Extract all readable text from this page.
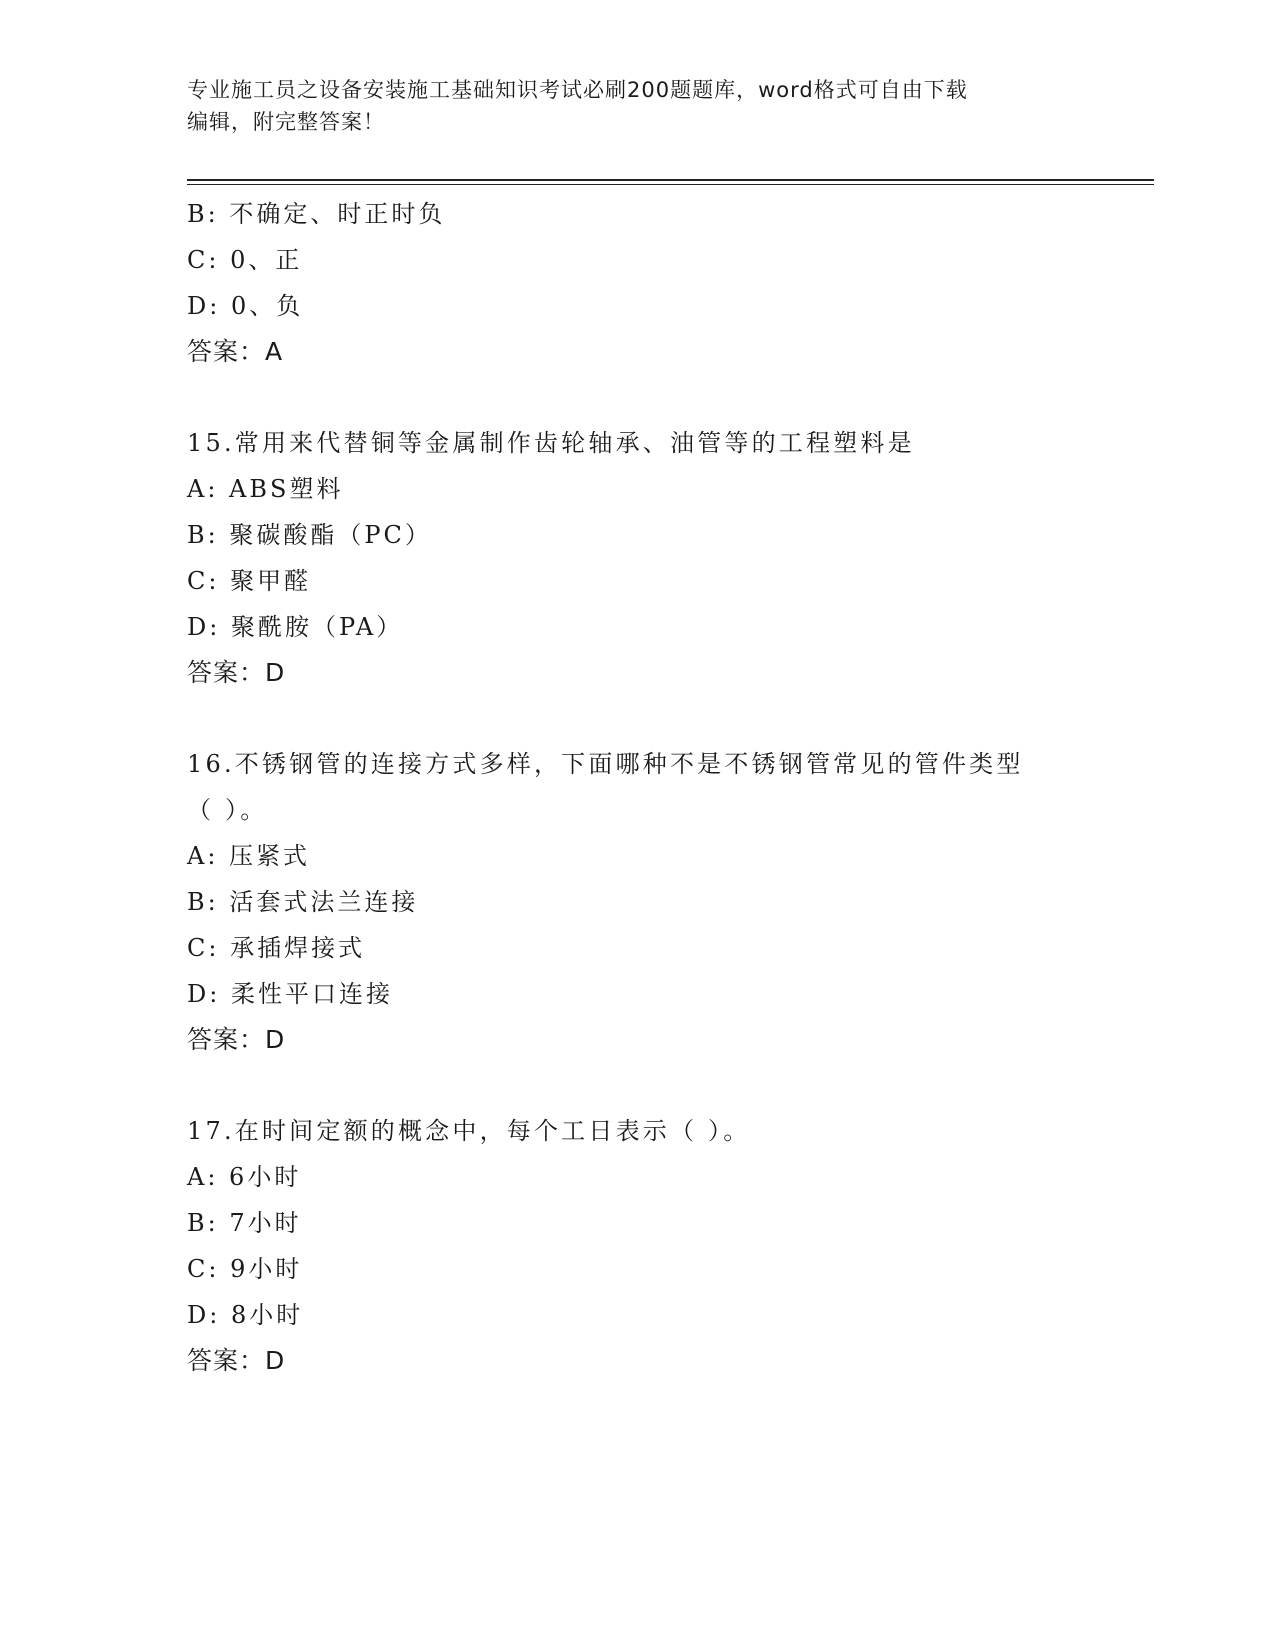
专业施工员之设备安装施工基础知识考试必刷200题题库，word格式可自由下载
编辑，附完整答案！
B: 不确定、时正时负
C: 0、正
D: 0、负
答案：A
15.常用来代替铜等金属制作齿轮轴承、油管等的工程塑料是
A: ABS塑料
B: 聚碳酸酯（PC）
C: 聚甲醛
D: 聚酰胺（PA）
答案：D
16.不锈钢管的连接方式多样，下面哪种不是不锈钢管常见的管件类型
（ ）。
A: 压紧式
B: 活套式法兰连接
C: 承插焊接式
D: 柔性平口连接
答案：D
17.在时间定额的概念中，每个工日表示（ ）。
A: 6小时
B: 7小时
C: 9小时
D: 8小时
答案：D
